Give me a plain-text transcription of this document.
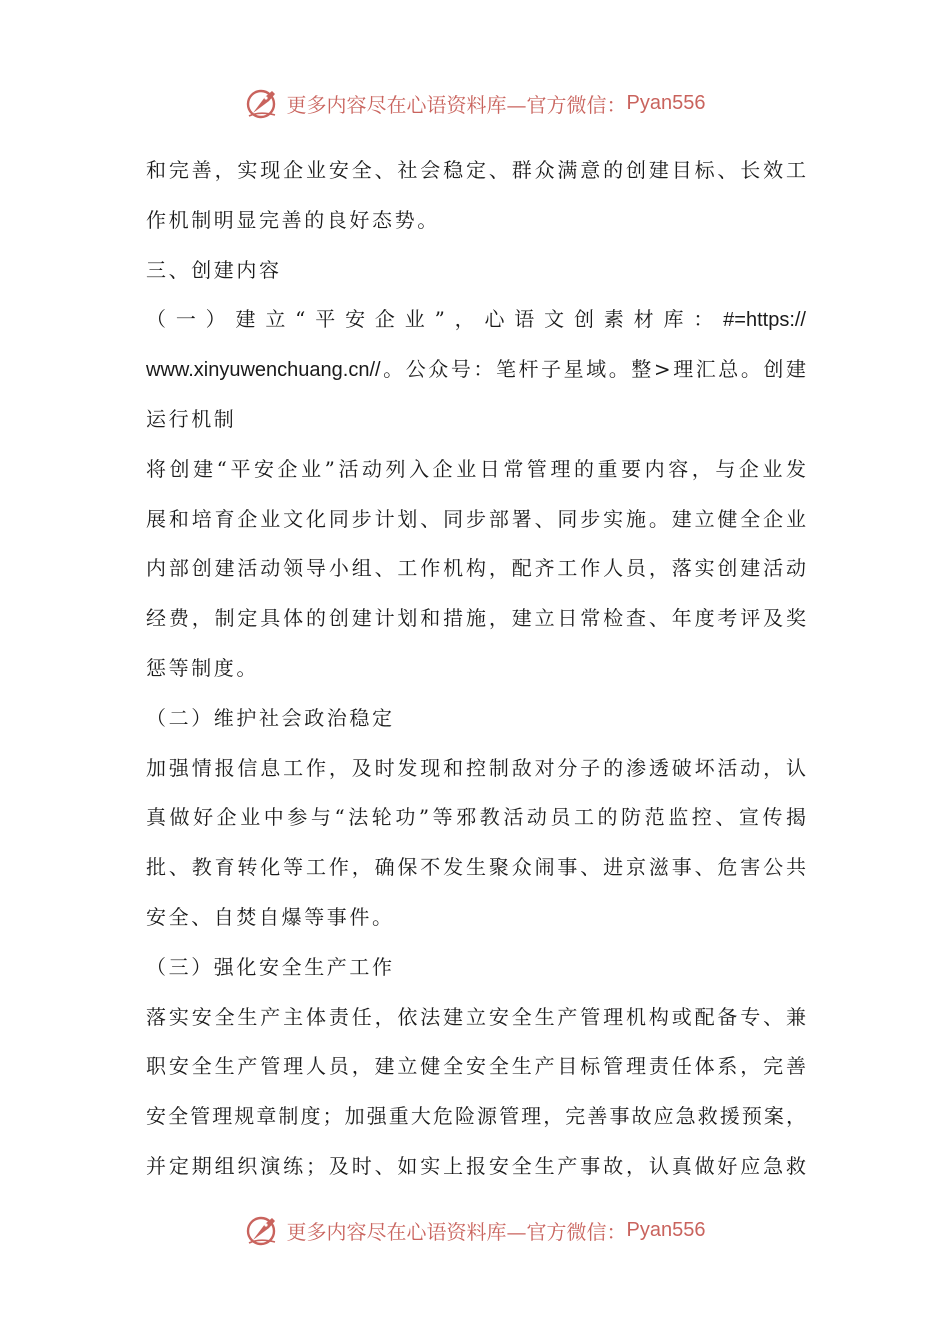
更多内容尽在心语资料库—官方微信： Pyan556
和完善，实现企业安全、社会稳定、群众满意的创建目标、长效工
作机制明显完善的良好态势。
三、创建内容
（一）建立“平安企业”，心语文创素材库：#=https://
www.xinyuwenchuang.cn//。公众号：笔杆子星域。整>理汇总。创建
运行机制
将创建“平安企业”活动列入企业日常管理的重要内容，与企业发
展和培育企业文化同步计划、同步部署、同步实施。建立健全企业
内部创建活动领导小组、工作机构，配齐工作人员，落实创建活动
经费，制定具体的创建计划和措施，建立日常检查、年度考评及奖
惩等制度。
（二）维护社会政治稳定
加强情报信息工作，及时发现和控制敌对分子的渗透破坏活动，认
真做好企业中参与“法轮功”等邪教活动员工的防范监控、宣传揭
批、教育转化等工作，确保不发生聚众闹事、进京滋事、危害公共
安全、自焚自爆等事件。
（三）强化安全生产工作
落实安全生产主体责任，依法建立安全生产管理机构或配备专、兼
职安全生产管理人员，建立健全安全生产目标管理责任体系，完善
安全管理规章制度；加强重大危险源管理，完善事故应急救援预案，
并定期组织演练；及时、如实上报安全生产事故，认真做好应急救
更多内容尽在心语资料库—官方微信： Pyan556
